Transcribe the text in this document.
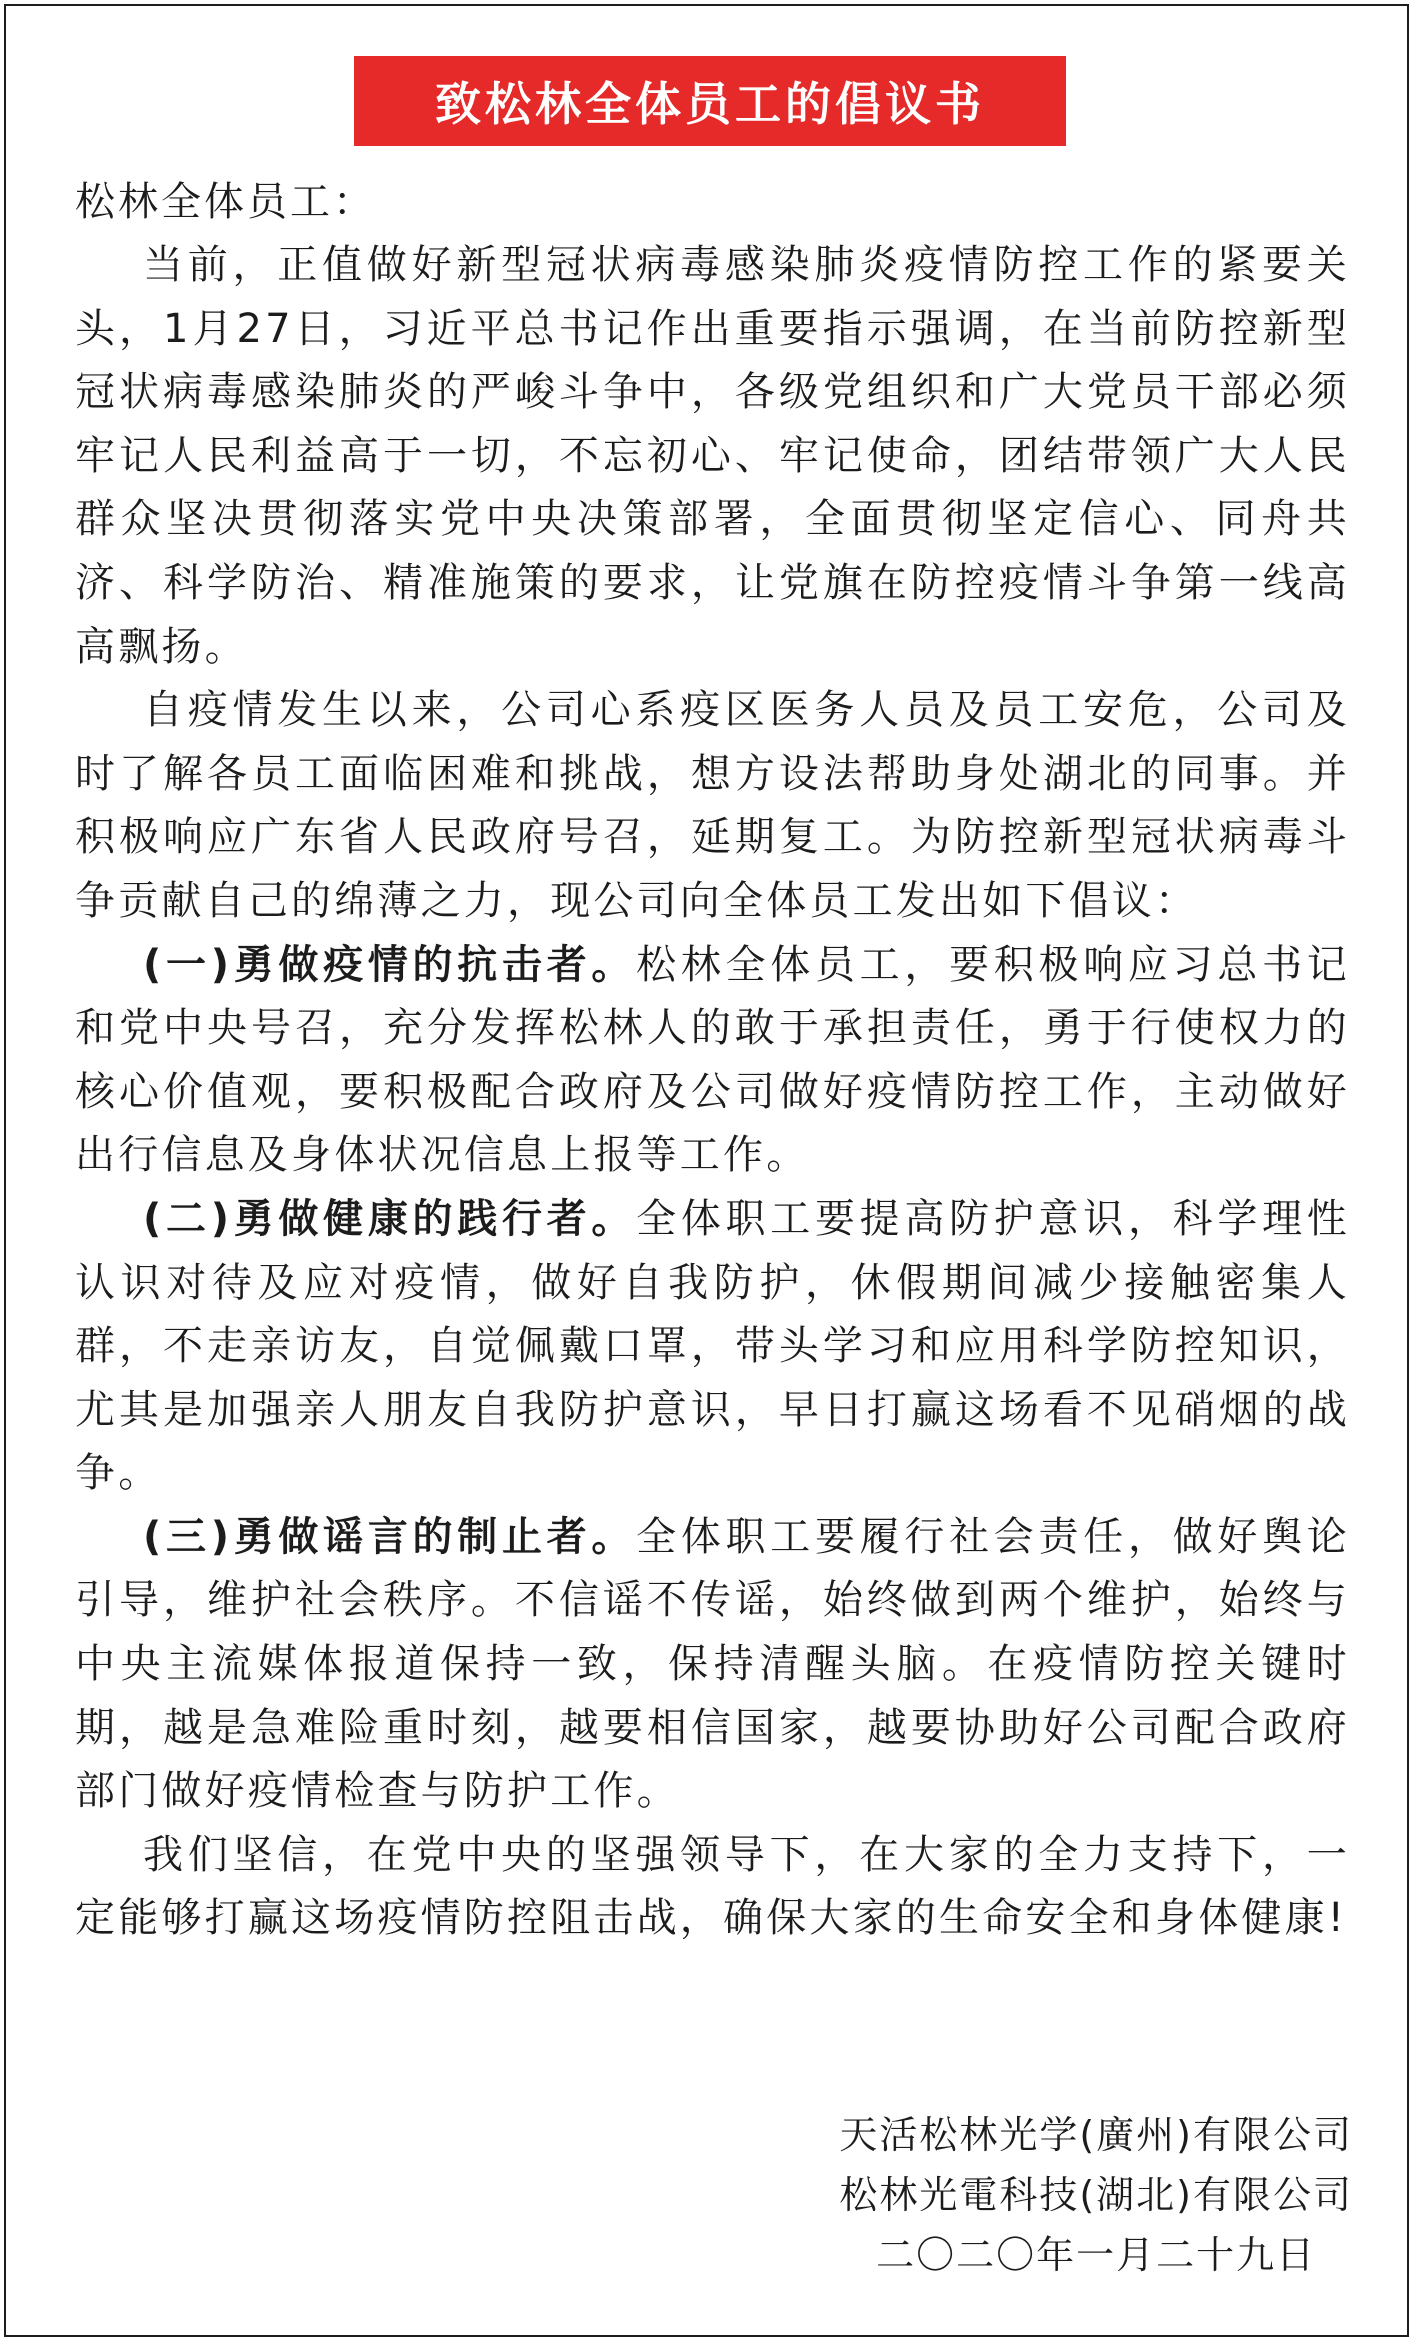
致松林全体员工的倡议书

松林全体员工：

当前，正值做好新型冠状病毒感染肺炎疫情防控工作的紧要关头，1月27日，习近平总书记作出重要指示强调，在当前防控新型冠状病毒感染肺炎的严峻斗争中，各级党组织和广大党员干部必须牢记人民利益高于一切，不忘初心、牢记使命，团结带领广大人民群众坚决贯彻落实党中央决策部署，全面贯彻坚定信心、同舟共济、科学防治、精准施策的要求，让党旗在防控疫情斗争第一线高高飘扬。

自疫情发生以来，公司心系疫区医务人员及员工安危，公司及时了解各员工面临困难和挑战，想方设法帮助身处湖北的同事。并积极响应广东省人民政府号召，延期复工。为防控新型冠状病毒斗争贡献自己的绵薄之力，现公司向全体员工发出如下倡议：

(一)勇做疫情的抗击者。松林全体员工，要积极响应习总书记和党中央号召，充分发挥松林人的敢于承担责任，勇于行使权力的核心价值观，要积极配合政府及公司做好疫情防控工作，主动做好出行信息及身体状况信息上报等工作。

(二)勇做健康的践行者。全体职工要提高防护意识，科学理性认识对待及应对疫情，做好自我防护，休假期间减少接触密集人群，不走亲访友，自觉佩戴口罩，带头学习和应用科学防控知识，尤其是加强亲人朋友自我防护意识，早日打赢这场看不见硝烟的战争。

(三)勇做谣言的制止者。全体职工要履行社会责任，做好舆论引导，维护社会秩序。不信谣不传谣，始终做到两个维护，始终与中央主流媒体报道保持一致，保持清醒头脑。在疫情防控关键时期，越是急难险重时刻，越要相信国家，越要协助好公司配合政府部门做好疫情检查与防护工作。

我们坚信，在党中央的坚强领导下，在大家的全力支持下，一定能够打赢这场疫情防控阻击战，确保大家的生命安全和身体健康!

天活松林光学(廣州)有限公司
松林光電科技(湖北)有限公司
二〇二〇年一月二十九日
